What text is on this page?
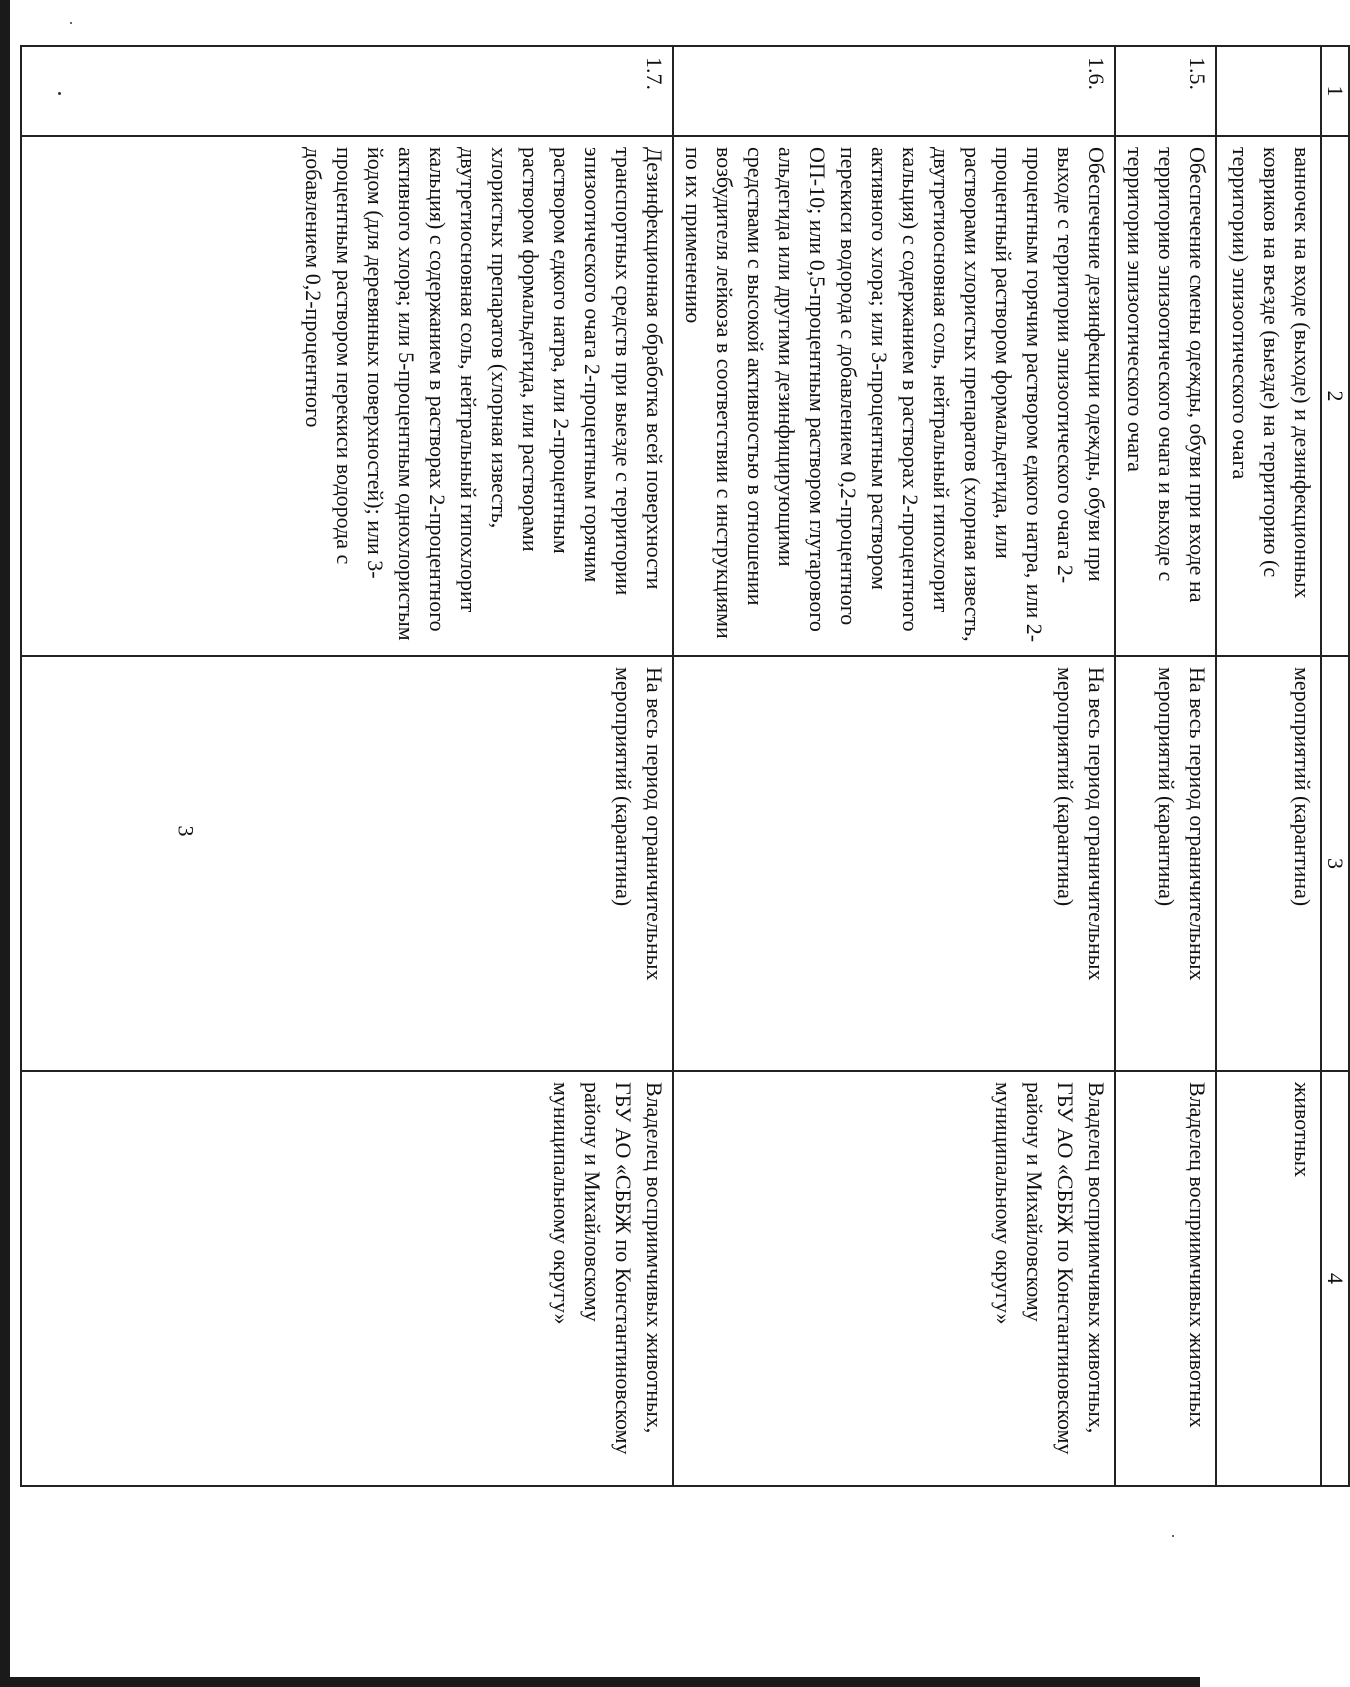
3
1	2	3	4
	ванночек на входе (выходе) и дезинфекционных ковриков на въезде (выезде) на территорию (с территории) эпизоотического очага	мероприятий (карантина)	животных
1.5.	Обеспечение смены одежды, обуви при входе на территорию эпизоотического очага и выходе с территории эпизоотического очага	На весь период ограничительных мероприятий (карантина)	Владелец восприимчивых животных
1.6.	Обеспечение дезинфекции одежды, обуви при выходе с территории эпизоотического очага 2-процентным горячим раствором едкого натра, или 2-процентный раствором формальдегида, или растворами хлористых препаратов (хлорная известь, двутретиосновная соль, нейтральный гипохлорит кальция) с содержанием в растворах 2-процентного активного хлора; или 3-процентным раствором перекиси водорода с добавлением 0,2-процентного ОП-10; или 0,5-процентным раствором глутарового альдегида или другими дезинфицирующими средствами с высокой активностью в отношении возбудителя лейкоза в соответствии с инструкциями по их применению	На весь период ограничительных мероприятий (карантина)	Владелец восприимчивых животных, ГБУ АО «СББЖ по Константиновскому району и Михайловскому муниципальному округу»
1.7.	Дезинфекционная обработка всей поверхности транспортных средств при выезде с территории эпизоотического очага 2-процентным горячим раствором едкого натра, или 2-процентным раствором формальдегида, или растворами хлористых препаратов (хлорная известь, двутретиосновная соль, нейтральный гипохлорит кальция) с содержанием в растворах 2-процентного активного хлора; или 5-процентным однохлористым йодом (для деревянных поверхностей); или 3-процентным раствором перекиси водорода с добавлением 0,2-процентного	На весь период ограничительных мероприятий (карантина)	Владелец восприимчивых животных, ГБУ АО «СББЖ по Константиновскому району и Михайловскому муниципальному округу»
